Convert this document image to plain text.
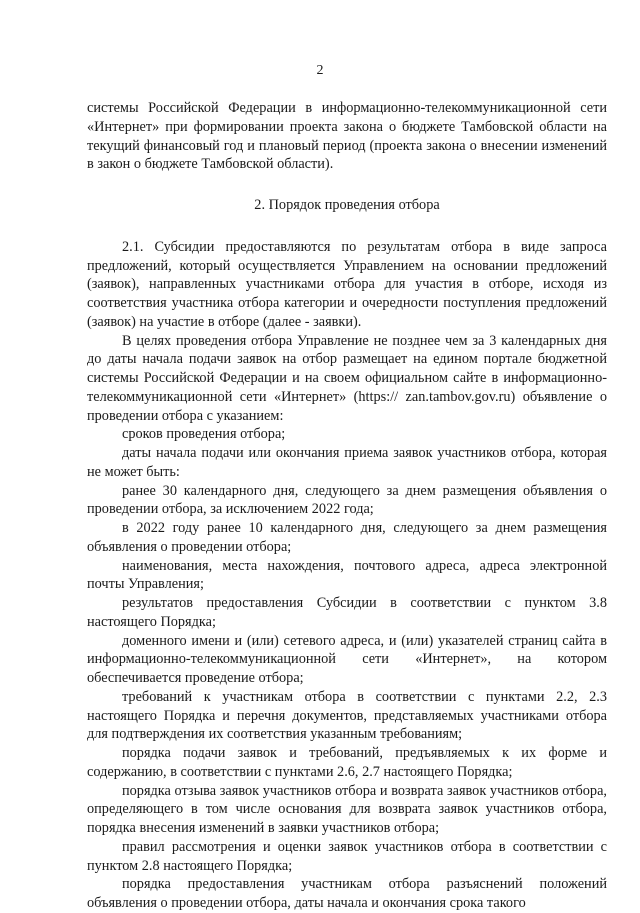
2

системы Российской Федерации в информационно-телекоммуникационной сети «Интернет» при формировании проекта закона о бюджете Тамбовской области на текущий финансовый год и плановый период (проекта закона о внесении изменений в закон о бюджете Тамбовской области).

2. Порядок проведения отбора

2.1. Субсидии предоставляются по результатам отбора в виде запроса предложений, который осуществляется Управлением на основании предложений (заявок), направленных участниками отбора для участия в отборе, исходя из соответствия участника отбора категории и очередности поступления предложений (заявок) на участие в отборе (далее - заявки).

В целях проведения отбора Управление не позднее чем за 3 календарных дня до даты начала подачи заявок на отбор размещает на едином портале бюджетной системы Российской Федерации и на своем официальном сайте в информационно-телекоммуникационной сети «Интернет» (https:// zan.tambov.gov.ru) объявление о проведении отбора с указанием:

сроков проведения отбора;

даты начала подачи или окончания приема заявок участников отбора, которая не может быть:

ранее 30 календарного дня, следующего за днем размещения объявления о проведении отбора, за исключением 2022 года;

в 2022 году ранее 10 календарного дня, следующего за днем размещения объявления о проведении отбора;

наименования, места нахождения, почтового адреса, адреса электронной почты Управления;

результатов предоставления Субсидии в соответствии с пунктом 3.8 настоящего Порядка;

доменного имени и (или) сетевого адреса, и (или) указателей страниц сайта в информационно-телекоммуникационной сети «Интернет», на котором обеспечивается проведение отбора;

требований к участникам отбора в соответствии с пунктами 2.2, 2.3 настоящего Порядка и перечня документов, представляемых участниками отбора для подтверждения их соответствия указанным требованиям;

порядка подачи заявок и требований, предъявляемых к их форме и содержанию, в соответствии с пунктами 2.6, 2.7 настоящего Порядка;

порядка отзыва заявок участников отбора и возврата заявок участников отбора, определяющего в том числе основания для возврата заявок участников отбора, порядка внесения изменений в заявки участников отбора;

правил рассмотрения и оценки заявок участников отбора в соответствии с пунктом 2.8 настоящего Порядка;

порядка предоставления участникам отбора разъяснений положений объявления о проведении отбора, даты начала и окончания срока такого
